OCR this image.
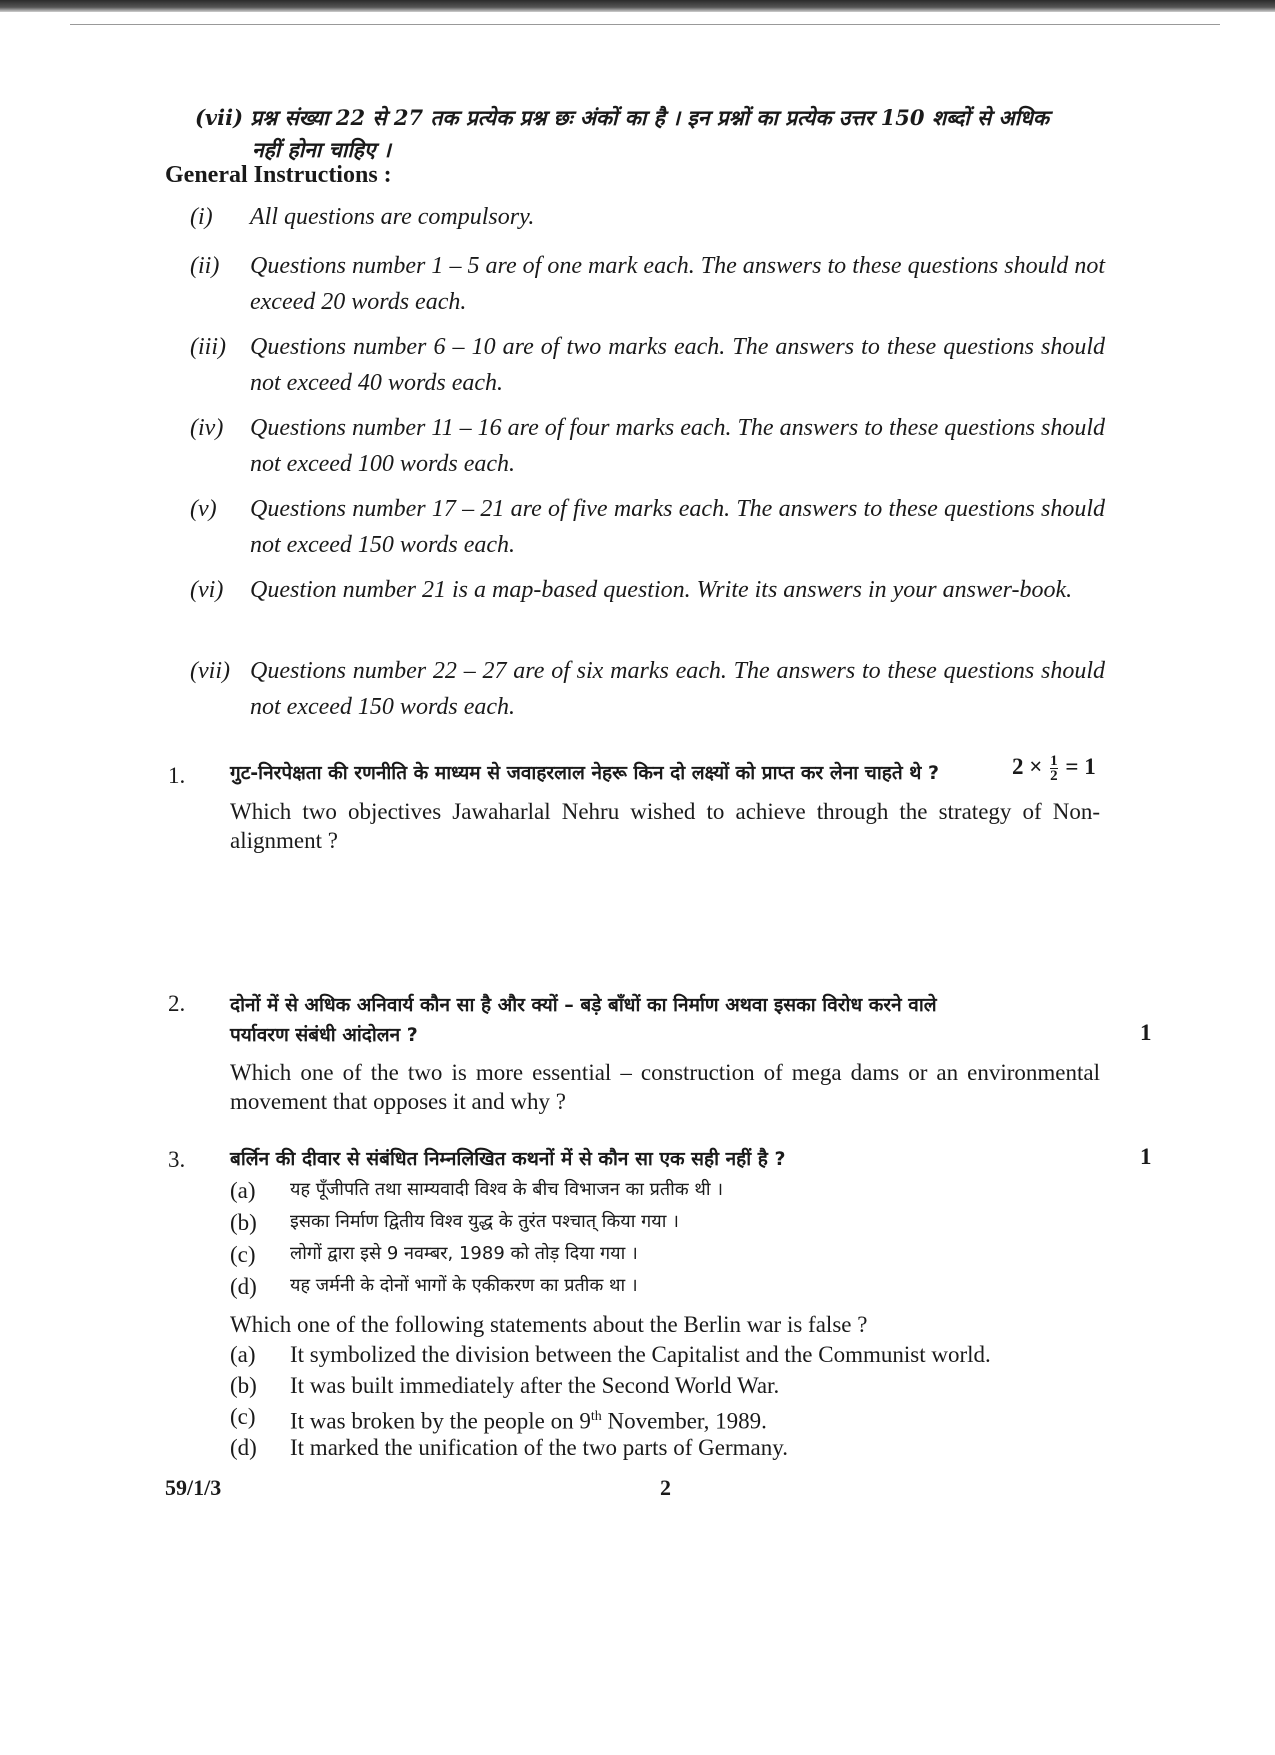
(vii) प्रश्न संख्या 22 से 27 तक प्रत्येक प्रश्न छः अंकों का है । इन प्रश्नों का प्रत्येक उत्तर 150 शब्दों से अधिक
नहीं होना चाहिए ।
General Instructions :
(i)	All questions are compulsory.
(ii)	Questions number 1 – 5 are of one mark each. The answers to these questions should not exceed 20 words each.
(iii)	Questions number 6 – 10 are of two marks each. The answers to these questions should not exceed 40 words each.
(iv)	Questions number 11 – 16 are of four marks each. The answers to these questions should not exceed 100 words each.
(v)	Questions number 17 – 21 are of five marks each. The answers to these questions should not exceed 150 words each.
(vi)	Question number 21 is a map-based question. Write its answers in your answer-book.
(vii) Questions number 22 – 27 are of six marks each. The answers to these questions should not exceed 150 words each.
1. गुट-निरपेक्षता की रणनीति के माध्यम से जवाहरलाल नेहरू किन दो लक्ष्यों को प्राप्त कर लेना चाहते थे ?	$2 \times \frac{1}{2} = 1$
Which two objectives Jawaharlal Nehru wished to achieve through the strategy of Non-alignment ?
2. दोनों में से अधिक अनिवार्य कौन सा है और क्यों – बड़े बाँधों का निर्माण अथवा इसका विरोध करने वाले
पर्यावरण संबंधी आंदोलन ?	1
Which one of the two is more essential – construction of mega dams or an environmental movement that opposes it and why ?
3. बर्लिन की दीवार से संबंधित निम्नलिखित कथनों में से कौन सा एक सही नहीं है ?	1
(a)	यह पूँजीपति तथा साम्यवादी विश्व के बीच विभाजन का प्रतीक थी ।
(b)	इसका निर्माण द्वितीय विश्व युद्ध के तुरंत पश्चात् किया गया ।
(c)	लोगों द्वारा इसे 9 नवम्बर, 1989 को तोड़ दिया गया ।
(d)	यह जर्मनी के दोनों भागों के एकीकरण का प्रतीक था ।
Which one of the following statements about the Berlin war is false ?
(a)	It symbolized the division between the Capitalist and the Communist world.
(b)	It was built immediately after the Second World War.
(c)	It was broken by the people on 9th November, 1989.
(d)	It marked the unification of the two parts of Germany.
59/1/3	2
